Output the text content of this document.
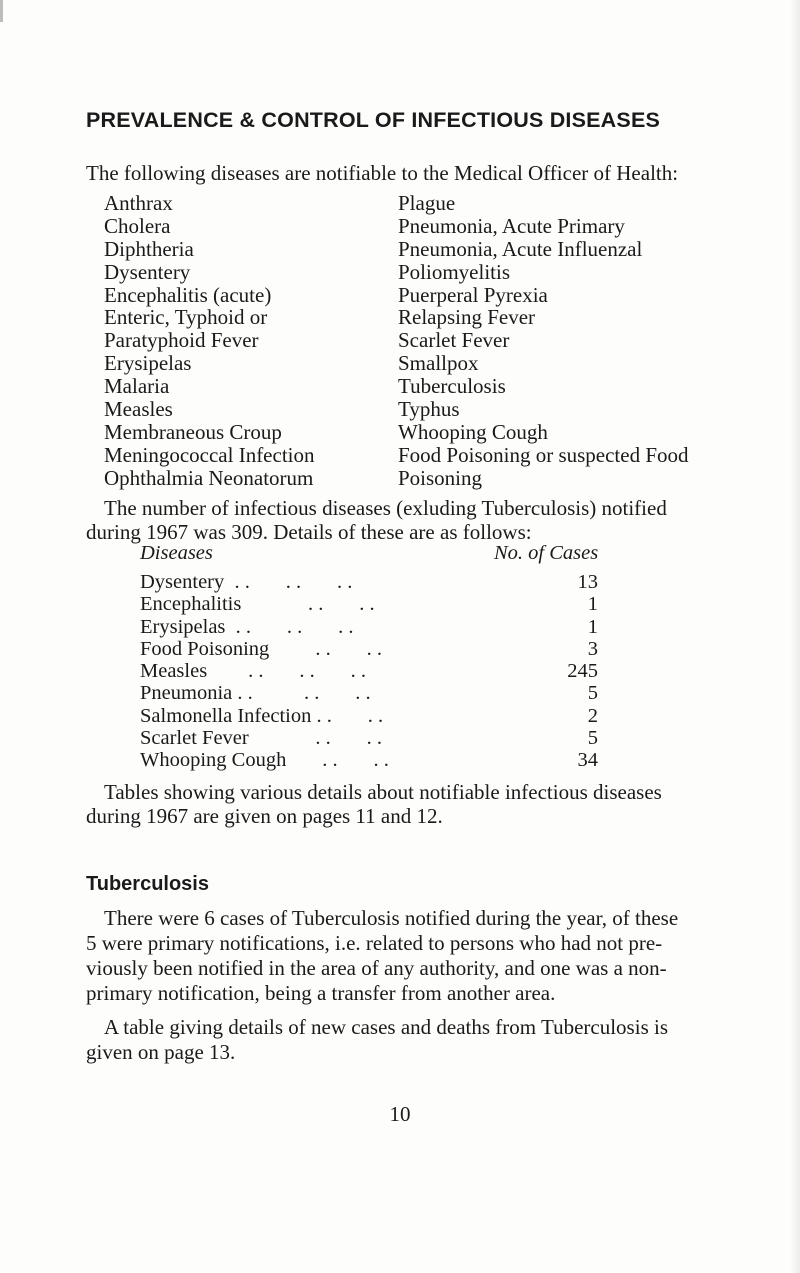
PREVALENCE & CONTROL OF INFECTIOUS DISEASES
The following diseases are notifiable to the Medical Officer of Health:
Anthrax
Cholera
Diphtheria
Dysentery
Encephalitis (acute)
Enteric, Typhoid or
Paratyphoid Fever
Erysipelas
Malaria
Measles
Membraneous Croup
Meningococcal Infection
Ophthalmia Neonatorum
Plague
Pneumonia, Acute Primary
Pneumonia, Acute Influenzal
Poliomyelitis
Puerperal Pyrexia
Relapsing Fever
Scarlet Fever
Smallpox
Tuberculosis
Typhus
Whooping Cough
Food Poisoning or suspected Food
Poisoning
The number of infectious diseases (exluding Tuberculosis) notified
during 1967 was 309. Details of these are as follows:
Diseases	No. of Cases
Dysentery  . .       . .       . .	13
Encephalitis             . .       . .	1
Erysipelas  . .       . .       . .	1
Food Poisoning         . .       . .	3
Measles        . .       . .       . .	245
Pneumonia . .          . .       . .	5
Salmonella Infection . .       . .	2
Scarlet Fever             . .       . .	5
Whooping Cough       . .       . .	34
Tables showing various details about notifiable infectious diseases
during 1967 are given on pages 11 and 12.
Tuberculosis
There were 6 cases of Tuberculosis notified during the year, of these
5 were primary notifications, i.e. related to persons who had not pre-
viously been notified in the area of any authority, and one was a non-
primary notification, being a transfer from another area.
A table giving details of new cases and deaths from Tuberculosis is
given on page 13.
10
